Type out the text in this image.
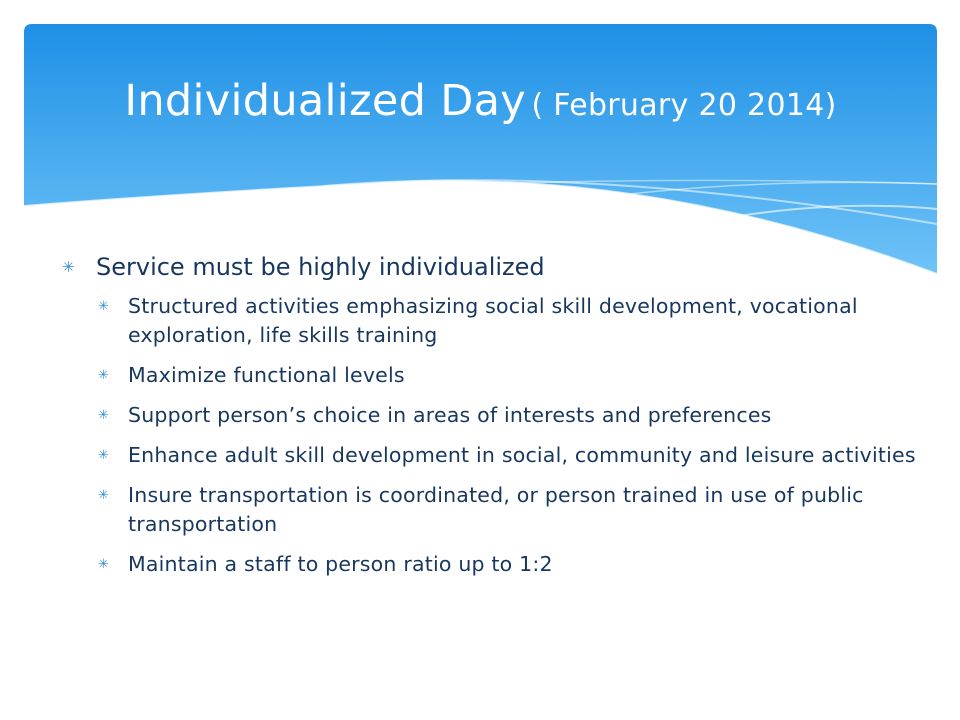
Individualized Day ( February 20 2014)
✳ Service must be highly individualized
✳ Structured activities emphasizing social skill development, vocational exploration, life skills training
✳ Maximize functional levels
✳ Support person’s choice in areas of interests and preferences
✳ Enhance adult skill development in social, community and leisure activities
✳ Insure transportation is coordinated, or person trained in use of public transportation
✳ Maintain a staff to person ratio up to 1:2
